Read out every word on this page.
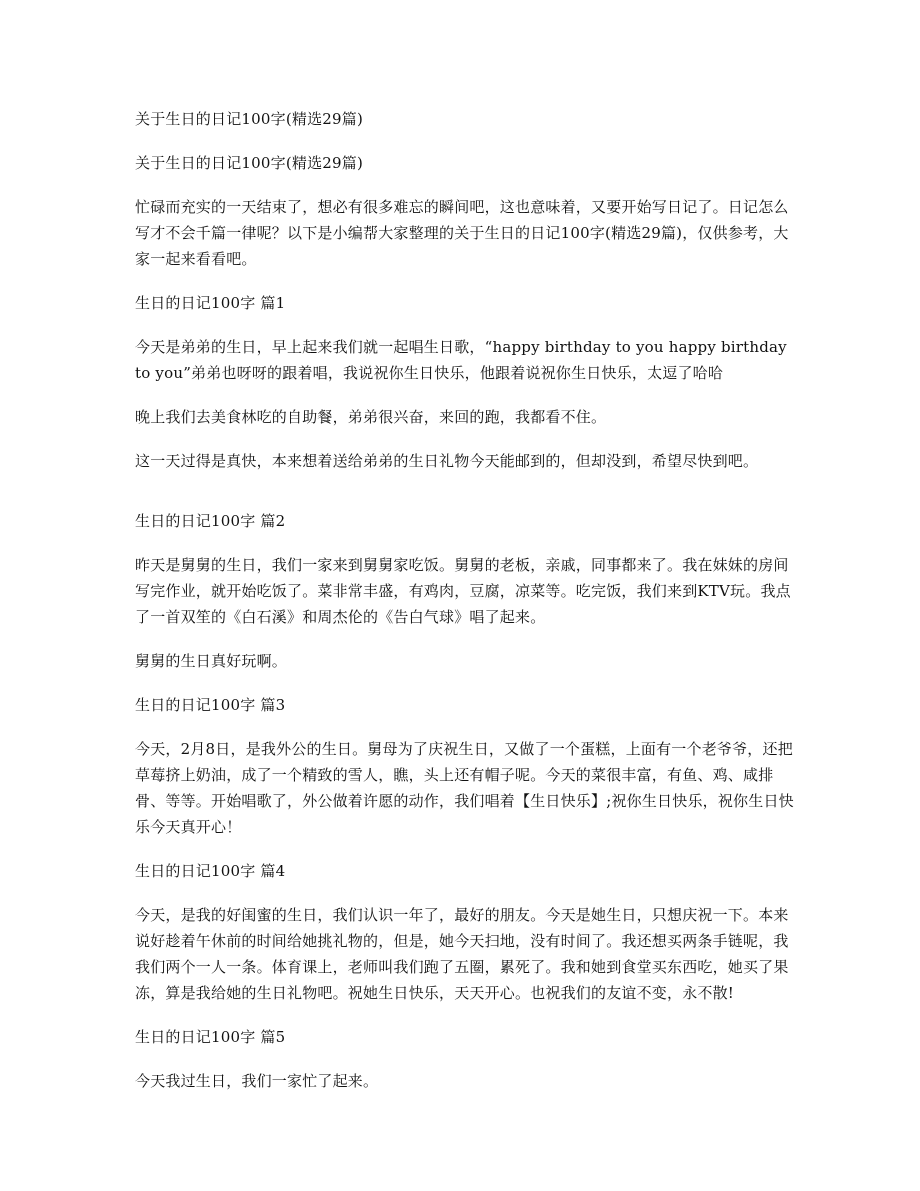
关于生日的日记100字(精选29篇)

关于生日的日记100字(精选29篇)

忙碌而充实的一天结束了，想必有很多难忘的瞬间吧，这也意味着，又要开始写日记了。日记怎么写才不会千篇一律呢？以下是小编帮大家整理的关于生日的日记100字(精选29篇)，仅供参考，大家一起来看看吧。

生日的日记100字 篇1

今天是弟弟的生日，早上起来我们就一起唱生日歌，“happy birthday to you happy birthday to you”弟弟也呀呀的跟着唱，我说祝你生日快乐，他跟着说祝你生日快乐，太逗了哈哈

晚上我们去美食林吃的自助餐，弟弟很兴奋，来回的跑，我都看不住。

这一天过得是真快，本来想着送给弟弟的生日礼物今天能邮到的，但却没到，希望尽快到吧。

生日的日记100字 篇2

昨天是舅舅的生日，我们一家来到舅舅家吃饭。舅舅的老板，亲戚，同事都来了。我在妹妹的房间写完作业，就开始吃饭了。菜非常丰盛，有鸡肉，豆腐，凉菜等。吃完饭，我们来到KTV玩。我点了一首双笙的《白石溪》和周杰伦的《告白气球》唱了起来。

舅舅的生日真好玩啊。

生日的日记100字 篇3

今天，2月8日，是我外公的生日。舅母为了庆祝生日，又做了一个蛋糕，上面有一个老爷爷，还把草莓挤上奶油，成了一个精致的雪人，瞧，头上还有帽子呢。今天的菜很丰富，有鱼、鸡、咸排骨、等等。开始唱歌了，外公做着许愿的动作，我们唱着【生日快乐】;祝你生日快乐，祝你生日快乐今天真开心！

生日的日记100字 篇4

今天，是我的好闺蜜的生日，我们认识一年了，最好的朋友。今天是她生日，只想庆祝一下。本来说好趁着午休前的时间给她挑礼物的，但是，她今天扫地，没有时间了。我还想买两条手链呢，我我们两个一人一条。体育课上，老师叫我们跑了五圈，累死了。我和她到食堂买东西吃，她买了果冻，算是我给她的生日礼物吧。祝她生日快乐，天天开心。也祝我们的友谊不变，永不散!

生日的日记100字 篇5

今天我过生日，我们一家忙了起来。
